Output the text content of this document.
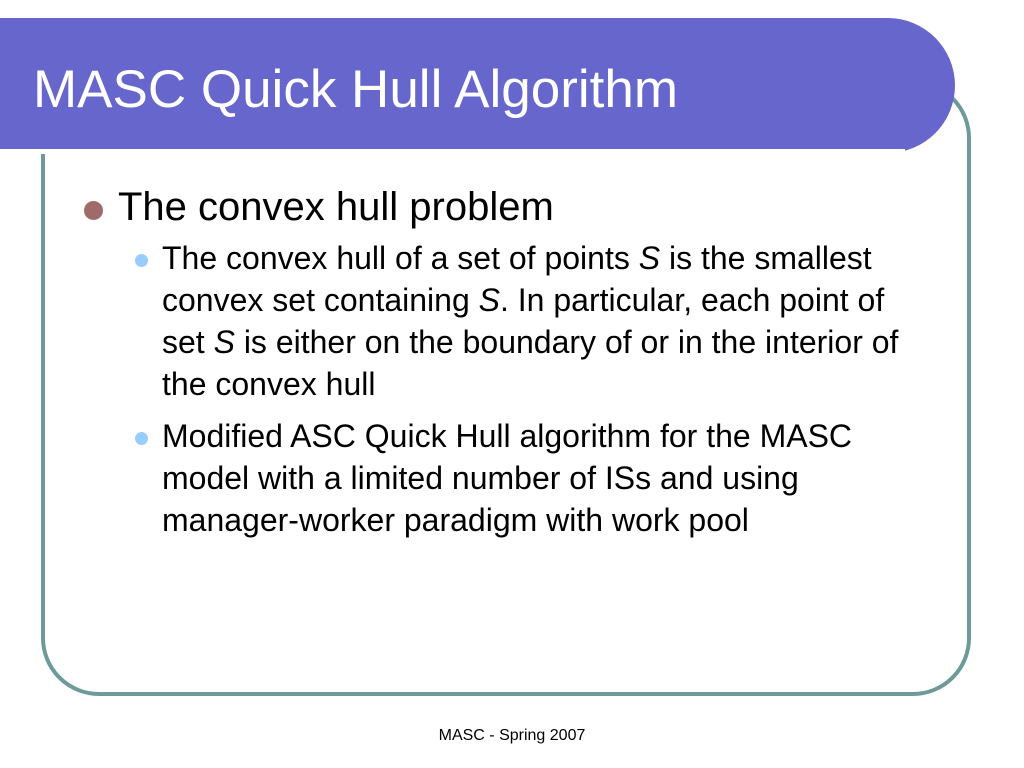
MASC Quick Hull Algorithm
The convex hull problem
The convex hull of a set of points S is the smallest convex set containing S. In particular, each point of set S is either on the boundary of or in the interior of the convex hull
Modified ASC Quick Hull algorithm for the MASC model with a limited number of ISs and using manager-worker paradigm with work pool
MASC - Spring 2007
